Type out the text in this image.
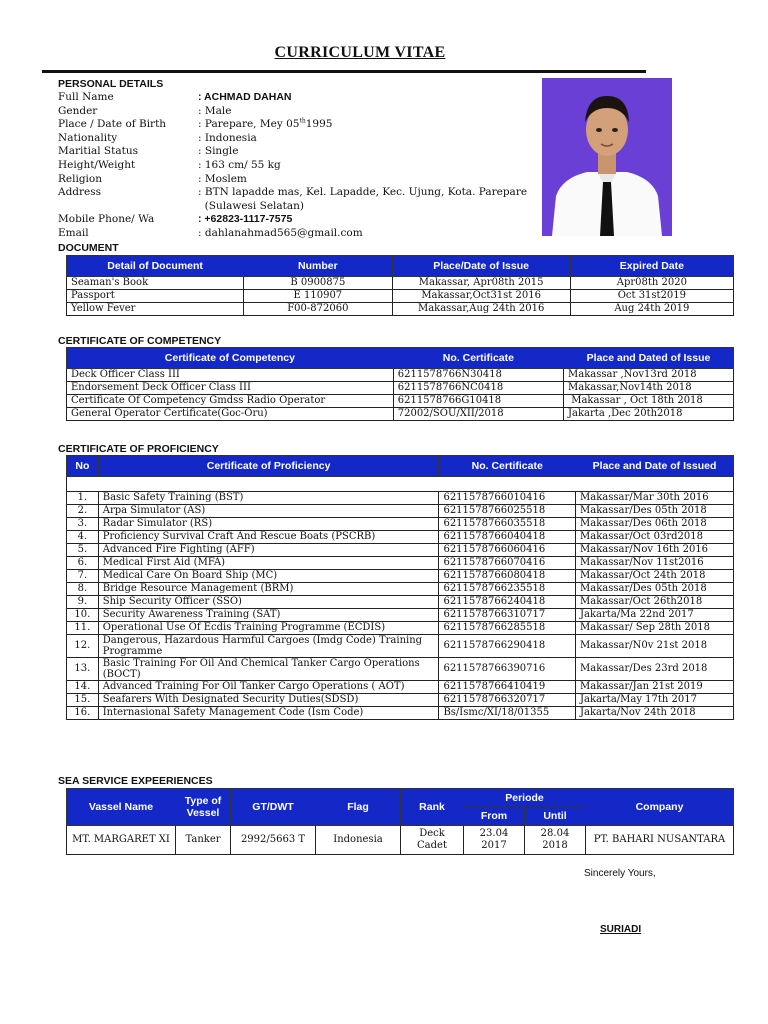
CURRICULUM VITAE
PERSONAL DETAILS
Full Name	: ACHMAD DAHAN
Gender	: Male
Place / Date of Birth	: Parepare, Mey 05th1995
Nationality	: Indonesia
Maritial Status	: Single
Height/Weight	: 163 cm/ 55 kg
Religion	: Moslem
Address	: BTN lapadde mas, Kel. Lapadde, Kec. Ujung, Kota. Parepare
(Sulawesi Selatan)
Mobile Phone/ Wa	: +62823-1117-7575
Email	: dahlanahmad565@gmail.com
DOCUMENT
Detail of Document	Number	Place/Date of Issue	Expired Date
Seaman's Book	B 0900875	Makassar, Apr08th 2015	Apr08th 2020
Passport	E 110907	Makassar,Oct31st 2016	Oct 31st2019
Yellow Fever	F00-872060	Makassar,Aug 24th 2016	Aug 24th 2019
CERTIFICATE OF COMPETENCY
Certificate of Competency	No. Certificate	Place and Dated of Issue
Deck Officer Class III	6211578766N30418	Makassar ,Nov13rd 2018
Endorsement Deck Officer Class III	6211578766NC0418	Makassar,Nov14th 2018
Certificate Of Competency Gmdss Radio Operator	6211578766G10418	Makassar , Oct 18th 2018
General Operator Certificate(Goc-Oru)	72002/SOU/XII/2018	Jakarta ,Dec 20th2018
CERTIFICATE OF PROFICIENCY
No	Certificate of Proficiency	No. Certificate	Place and Date of Issued

1.	Basic Safety Training (BST)	6211578766010416	Makassar/Mar 30th 2016
2.	Arpa Simulator (AS)	6211578766025518	Makassar/Des 05th 2018
3.	Radar Simulator (RS)	6211578766035518	Makassar/Des 06th 2018
4.	Proficiency Survival Craft And Rescue Boats (PSCRB)	6211578766040418	Makassar/Oct 03rd2018
5.	Advanced Fire Fighting (AFF)	6211578766060416	Makassar/Nov 16th 2016
6.	Medical First Aid (MFA)	6211578766070416	Makassar/Nov 11st2016
7.	Medical Care On Board Ship (MC)	6211578766080418	Makassar/Oct 24th 2018
8.	Bridge Resource Management (BRM)	6211578766235518	Makassar/Des 05th 2018
9.	Ship Security Officer (SSO)	6211578766240418	Makassar/Oct 26th2018
10.	Security Awareness Training (SAT)	6211578766310717	Jakarta/Ma 22nd 2017
11.	Operational Use Of Ecdis Training Programme (ECDIS)	6211578766285518	Makassar/ Sep 28th 2018
12.	Dangerous, Hazardous Harmful Cargoes (Imdg Code) Training Programme	6211578766290418	Makassar/N0v 21st 2018
13.	Basic Training For Oil And Chemical Tanker Cargo Operations (BOCT)	6211578766390716	Makassar/Des 23rd 2018
14.	Advanced Training For Oil Tanker Cargo Operations ( AOT)	6211578766410419	Makassar/Jan 21st 2019
15.	Seafarers With Designated Security Duties(SDSD)	6211578766320717	Jakarta/May 17th 2017
16.	Internasional Safety Management Code (Ism Code)	Bs/Ismc/XI/18/01355	Jakarta/Nov 24th 2018
SEA SERVICE EXPEERIENCES
Vassel Name	Type of Vessel	GT/DWT	Flag	Rank	Periode		Company
					From	Until	
MT. MARGARET XI	Tanker	2992/5663 T	Indonesia	Deck Cadet	23.04 2017	28.04 2018	PT. BAHARI NUSANTARA
Sincerely Yours,
SURIADI
